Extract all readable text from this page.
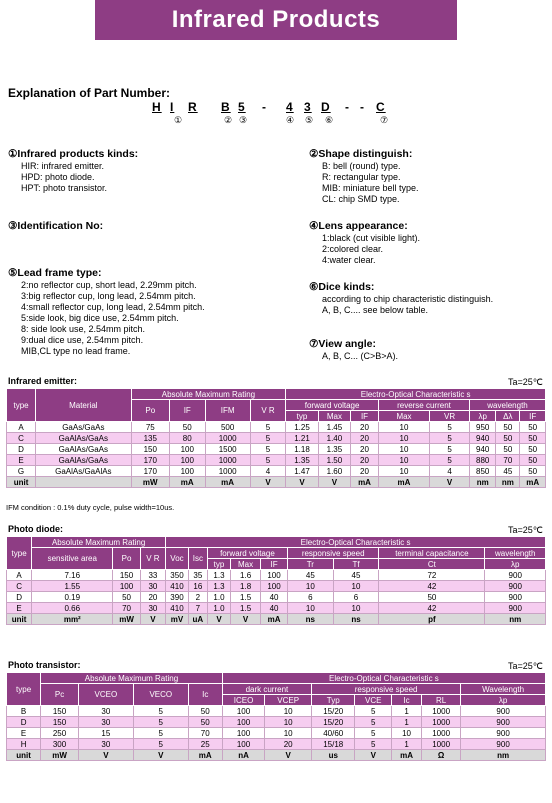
Infrared Products
Explanation of Part Number:
H I R B 5	4 3 D	C
-	- -
①	② ③	④ ⑤ ⑥	⑦
①Infrared products kinds:
HIR: infrared emitter.
HPD: photo diode.
HPT: photo transistor.
②Shape distinguish:
B: bell (round) type.
R: rectangular type.
MIB: miniature bell type.
CL: chip SMD type.
③Identification No:	④Lens appearance:
1:black (cut visible light).
2:colored clear.
4:water clear.
⑤Lead frame type:
2:no reflector cup, short lead, 2.29mm pitch.
3:big reflector cup, long lead, 2.54mm pitch.
4:small reflector cup, long lead, 2.54mm pitch.
5:side look, big dice use, 2.54mm pitch.
8: side look use, 2.54mm pitch.
9:dual dice use, 2.54mm pitch.
MIB,CL type no lead frame.
⑥Dice kinds:
according to chip characteristic distinguish.
A, B, C.... see below table.
⑦View angle:
A, B, C... (C>B>A).
Infrared emitter:	Ta=25℃
type	Material	Absolute Maximum Rating				Electro-Optical Characteristic s							
		Po	IF	IFM	V R	forward voltage			reverse current		wavelength		
						typ	Max	IF	Max	VR	λp	Δλ	IF
A	GaAs/GaAs	75	50	500	5	1.25	1.45	20	10	5	950	50	50
C	GaAlAs/GaAs	135	80	1000	5	1.21	1.40	20	10	5	940	50	50
D	GaAlAs/GaAs	150	100	1500	5	1.18	1.35	20	10	5	940	50	50
E	GaAlAs/GaAs	170	100	1000	5	1.35	1.50	20	10	5	880	70	50
G	GaAlAs/GaAlAs	170	100	1000	4	1.47	1.60	20	10	4	850	45	50
unit		mW	mA	mA	V	V	V	mA	mA	V	nm	nm	mA
IFM condition : 0.1% duty cycle, pulse width=10us.
Photo diode:	Ta=25℃
type	Absolute Maximum Rating			Electro-Optical Characteristic s								
	sensitive area	Po	V R	Voc	Isc	forward voltage			responsive speed		terminal capacitance	wavelength
						typ	Max	IF	Tr	Tf	Ct	λp
A	7.16	150	33	350	35	1.3	1.6	100	45	45	72	900
C	1.55	100	30	410	16	1.3	1.8	100	10	10	42	900
D	0.19	50	20	390	2	1.0	1.5	40	6	6	50	900
E	0.66	70	30	410	7	1.0	1.5	40	10	10	42	900
unit	mm²	mW	V	mV	uA	V	V	mA	ns	ns	pf	nm
Photo transistor:	Ta=25℃
type	Absolute Maximum Rating				Electro-Optical Characteristic s						
	Pc	VCEO	VECO	Ic	dark current		responsive speed				Wavelength
					ICEO	VCEP	Typ	VCE	Ic	RL	λp
B	150	30	5	50	100	10	15/20	5	1	1000	900
D	150	30	5	50	100	10	15/20	5	1	1000	900
E	250	15	5	70	100	10	40/60	5	10	1000	900
H	300	30	5	25	100	20	15/18	5	1	1000	900
unit	mW	V	V	mA	nA	V	us	V	mA	Ω	nm
